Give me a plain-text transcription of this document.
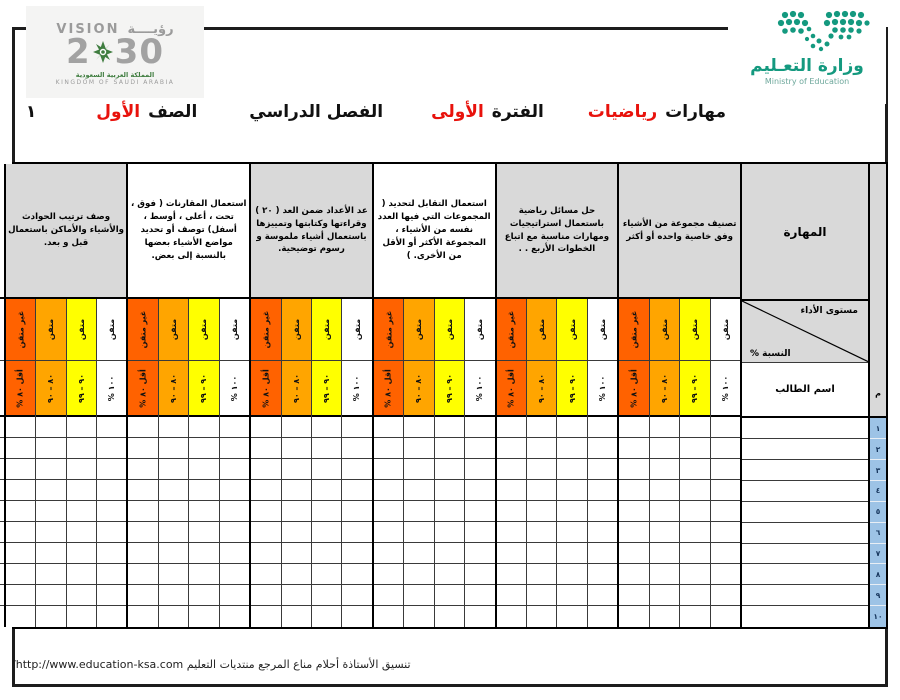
VISION رؤيــــة
2 30
المملكة العربية السعودية
KINGDOM OF SAUDI ARABIA
وزارة التعـليم
Ministry of Education
مهاراترياضياتالفترةالأولىالفصل الدراسيالصفالأول١
م
١
٢
٣
٤
٥
٦
٧
٨
٩
١٠
المهارة
مستوى الأداء
النسبة %
اسم الطالب
تصنيف مجموعة من الأشياء وفق خاصية واحده أو أكثر
متقن
١٠٠ %
متقن
٩٠ – ٩٩
متقن
٨٠ – ٩٠
غير متقن
أقل ٨٠ %
حل مسائل رياضية باستعمال استراتيجيات ومهارات مناسبة مع اتباع الخطوات الأربع . .
متقن
١٠٠ %
متقن
٩٠ – ٩٩
متقن
٨٠ – ٩٠
غير متقن
أقل ٨٠ %
استعمال التقابل لتحديد ( المجموعات التي فيها العدد نفسه من الأشياء ، المجموعة الأكثر أو الأقل من الأخرى. )
متقن
١٠٠ %
متقن
٩٠ – ٩٩
متقن
٨٠ – ٩٠
غير متقن
أقل ٨٠ %
عد الأعداد ضمن العد ( ٢٠ ) وقراءتها وكتابتها وتمييزها باستعمال أشياء ملموسة و رسوم توضيحية.
متقن
١٠٠ %
متقن
٩٠ – ٩٩
متقن
٨٠ – ٩٠
غير متقن
أقل ٨٠ %
استعمال المقارنات ( فوق ، تحت ، أعلى ، أوسط ، أسفل) توصف أو تحديد مواضع الأشياء بعضها بالنسبة إلى بعض.
متقن
١٠٠ %
متقن
٩٠ – ٩٩
متقن
٨٠ – ٩٠
غير متقن
أقل ٨٠ %
وصف ترتيب الحوادث والأشياء والأماكن باستعمال قبل و بعد.
متقن
١٠٠ %
متقن
٩٠ – ٩٩
متقن
٨٠ – ٩٠
غير متقن
أقل ٨٠ %
تنسيق الأستاذة أحلام مناع المرجع منتديات التعليم http://www.education-ksa.com/
